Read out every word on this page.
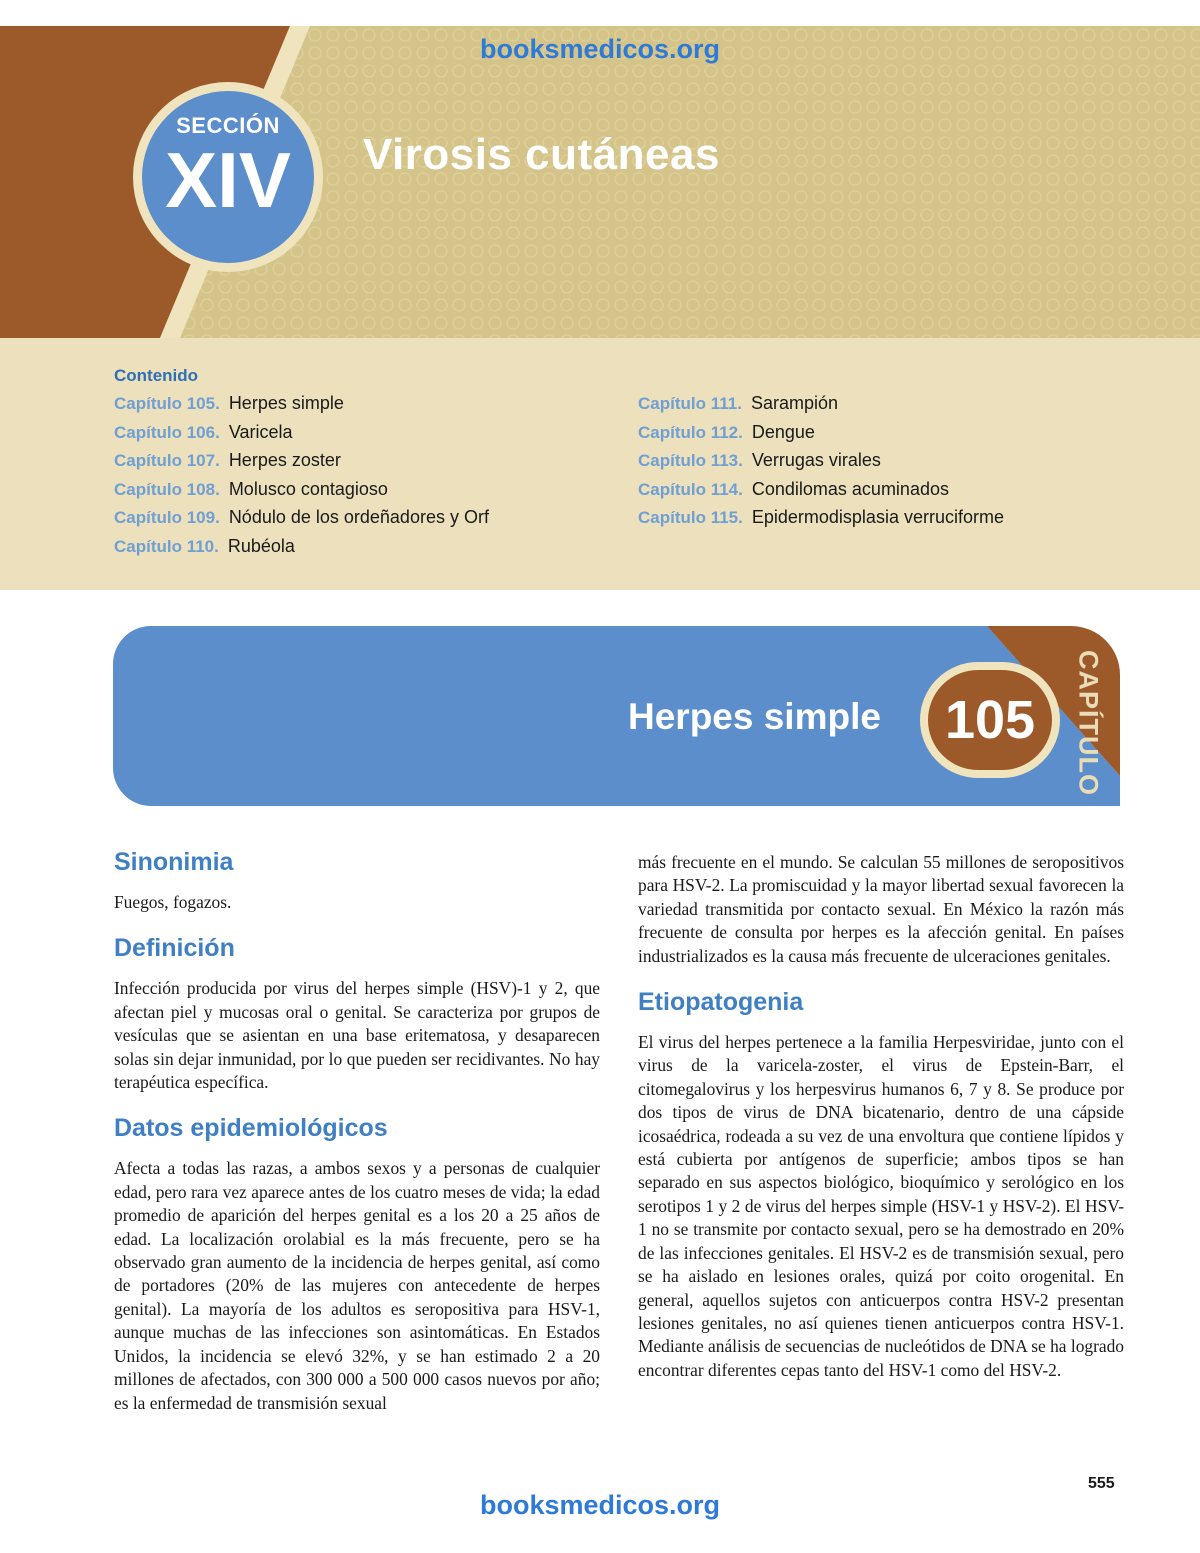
booksmedicos.org
SECCIÓN
XIV	Virosis cutáneas
Contenido
Capítulo 105. Herpes simple
Capítulo 106. Varicela
Capítulo 107. Herpes zoster
Capítulo 108. Molusco contagioso
Capítulo 109. Nódulo de los ordeñadores y Orf
Capítulo 110. Rubéola
Capítulo 111. Sarampión
Capítulo 112. Dengue
Capítulo 113. Verrugas virales
Capítulo 114. Condilomas acuminados
Capítulo 115. Epidermodisplasia verruciforme
Herpes simple	105	CAPÍTULO
Sinonimia

Fuegos, fogazos.

Definición

Infección producida por virus del herpes simple (HSV)-1 y 2, que afectan piel y mucosas oral o genital. Se caracteriza por grupos de vesículas que se asientan en una base eritematosa, y desaparecen solas sin dejar inmunidad, por lo que pueden ser recidivantes. No hay terapéutica específica.

Datos epidemiológicos

Afecta a todas las razas, a ambos sexos y a personas de cualquier edad, pero rara vez aparece antes de los cuatro meses de vida; la edad promedio de aparición del herpes genital es a los 20 a 25 años de edad. La localización orolabial es la más frecuente, pero se ha observado gran aumento de la incidencia de herpes genital, así como de portadores (20% de las mujeres con antecedente de herpes genital). La mayoría de los adultos es seropositiva para HSV-1, aunque muchas de las infecciones son asintomáticas. En Estados Unidos, la incidencia se elevó 32%, y se han estimado 2 a 20 millones de afectados, con 300 000 a 500 000 casos nuevos por año; es la enfermedad de transmisión sexual

más frecuente en el mundo. Se calculan 55 millones de seropositivos para HSV-2. La promiscuidad y la mayor libertad sexual favorecen la variedad transmitida por contacto sexual. En México la razón más frecuente de consulta por herpes es la afección genital. En países industrializados es la causa más frecuente de ulceraciones genitales.

Etiopatogenia

El virus del herpes pertenece a la familia Herpesviridae, junto con el virus de la varicela-zoster, el virus de Epstein-Barr, el citomegalovirus y los herpesvirus humanos 6, 7 y 8. Se produce por dos tipos de virus de DNA bicatenario, dentro de una cápside icosaédrica, rodeada a su vez de una envoltura que contiene lípidos y está cubierta por antígenos de superficie; ambos tipos se han separado en sus aspectos biológico, bioquímico y serológico en los serotipos 1 y 2 de virus del herpes simple (HSV-1 y HSV-2). El HSV-1 no se transmite por contacto sexual, pero se ha demostrado en 20% de las infecciones genitales. El HSV-2 es de transmisión sexual, pero se ha aislado en lesiones orales, quizá por coito orogenital. En general, aquellos sujetos con anticuerpos contra HSV-2 presentan lesiones genitales, no así quienes tienen anticuerpos contra HSV-1. Mediante análisis de secuencias de nucleótidos de DNA se ha logrado encontrar diferentes cepas tanto del HSV-1 como del HSV-2.

555
booksmedicos.org
